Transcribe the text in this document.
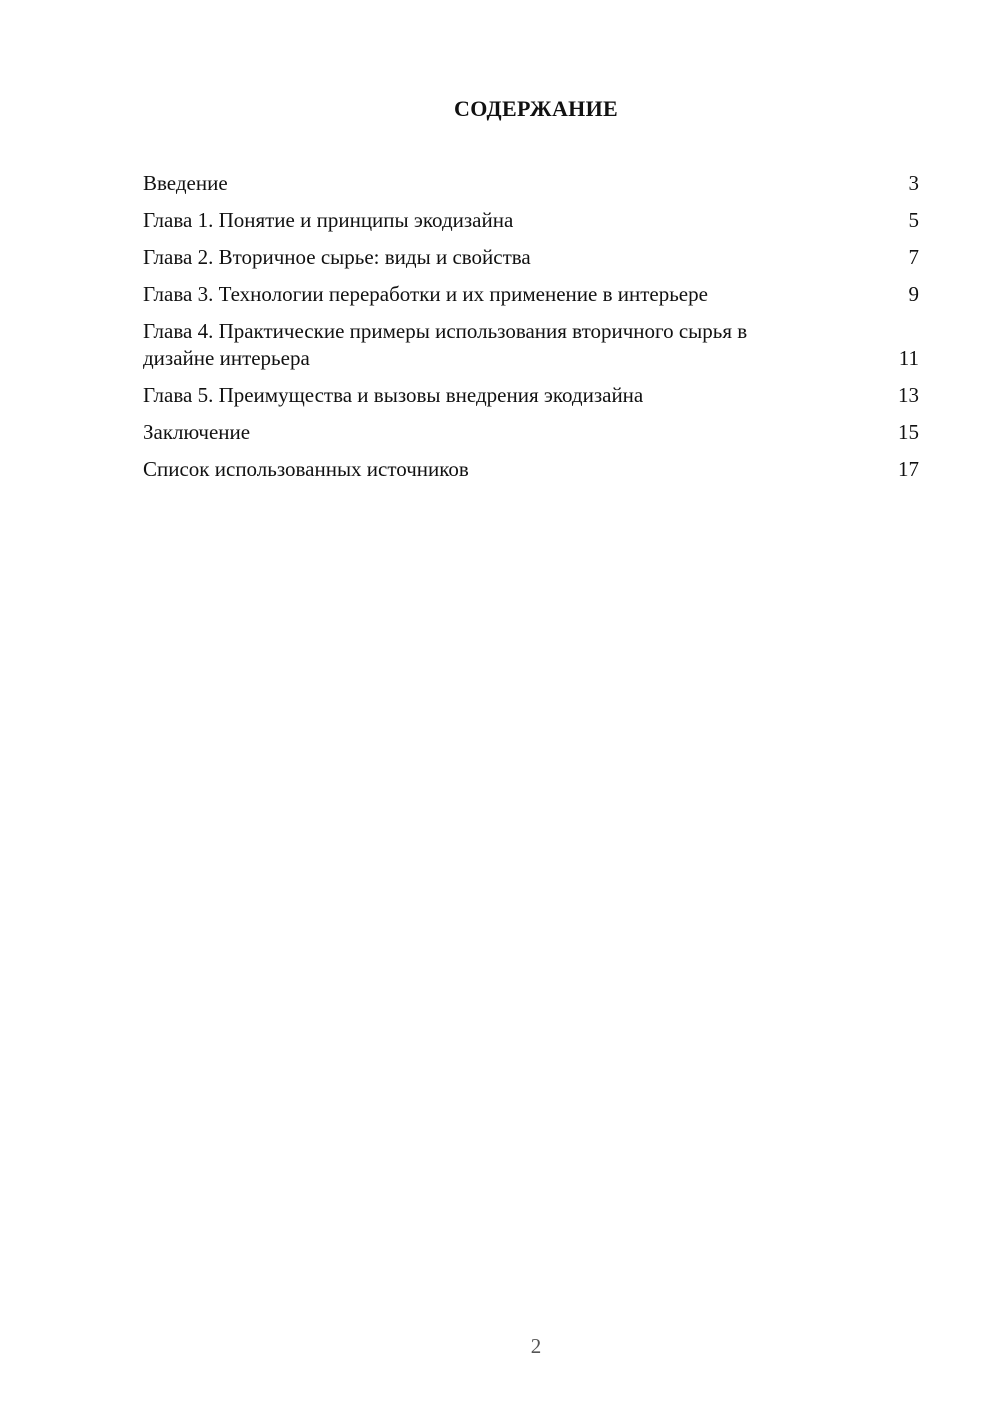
СОДЕРЖАНИЕ
Введение	3
Глава 1. Понятие и принципы экодизайна	5
Глава 2. Вторичное сырье: виды и свойства	7
Глава 3. Технологии переработки и их применение в интерьере	9
Глава 4. Практические примеры использования вторичного сырья в дизайне интерьера	11
Глава 5. Преимущества и вызовы внедрения экодизайна	13
Заключение	15
Список использованных источников	17
2
